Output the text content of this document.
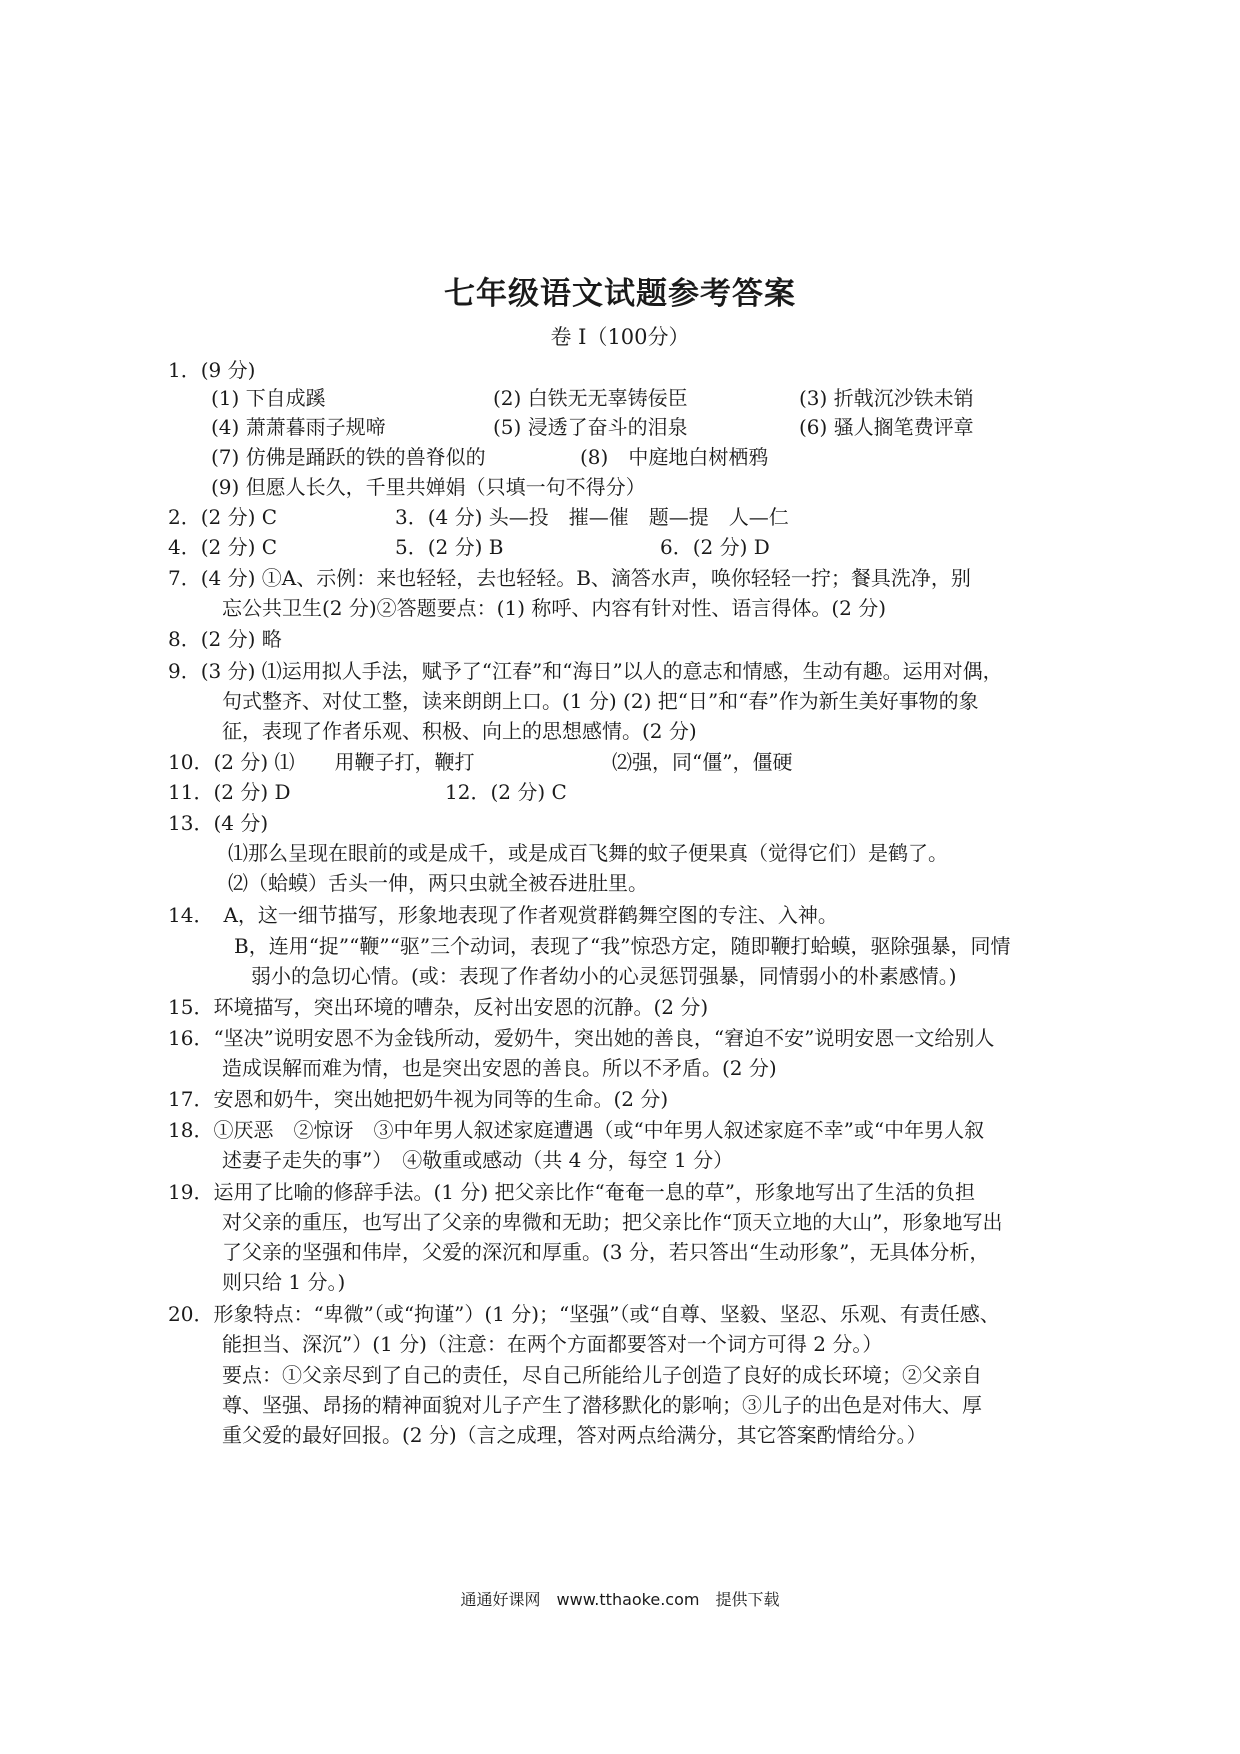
七年级语文试题参考答案
卷 Ⅰ（100分）
1．(9 分)
(1) 下自成蹊	(2) 白铁无无辜铸佞臣	(3) 折戟沉沙铁未销
(4) 萧萧暮雨子规啼	(5) 浸透了奋斗的泪泉	(6) 骚人搁笔费评章
(7) 仿佛是踊跃的铁的兽脊似的	(8)　中庭地白树栖鸦
(9) 但愿人长久，千里共婵娟（只填一句不得分）
2．(2 分) C	3．(4 分) 头—投　摧—催　题—提　人—仁
4．(2 分) C	5．(2 分) B	6．(2 分) D
7．(4 分) ①A、示例：来也轻轻，去也轻轻。B、滴答水声，唤你轻轻一拧；餐具洗净，别
忘公共卫生(2 分)②答题要点：(1) 称呼、内容有针对性、语言得体。(2 分)
8．(2 分) 略
9．(3 分) ⑴运用拟人手法，赋予了“江春”和“海日”以人的意志和情感，生动有趣。运用对偶，
句式整齐、对仗工整，读来朗朗上口。(1 分) (2) 把“日”和“春”作为新生美好事物的象
征，表现了作者乐观、积极、向上的思想感情。(2 分)
10．(2 分) ⑴　　用鞭子打，鞭打	⑵强，同“僵”，僵硬
11．(2 分) D	12．(2 分) C
13．(4 分)
⑴那么呈现在眼前的或是成千，或是成百飞舞的蚊子便果真（觉得它们）是鹤了。
⑵（蛤蟆）舌头一伸，两只虫就全被吞进肚里。
14．　A，这一细节描写，形象地表现了作者观赏群鹤舞空图的专注、入神。
B，连用“捉”“鞭”“驱”三个动词，表现了“我”惊恐方定，随即鞭打蛤蟆，驱除强暴，同情
弱小的急切心情。(或：表现了作者幼小的心灵惩罚强暴，同情弱小的朴素感情。)
15．环境描写，突出环境的嘈杂，反衬出安恩的沉静。(2 分)
16．“坚决”说明安恩不为金钱所动，爱奶牛，突出她的善良，“窘迫不安”说明安恩一文给别人
造成误解而难为情，也是突出安恩的善良。所以不矛盾。(2 分)
17．安恩和奶牛，突出她把奶牛视为同等的生命。(2 分)
18．①厌恶　②惊讶　③中年男人叙述家庭遭遇（或“中年男人叙述家庭不幸”或“中年男人叙
述妻子走失的事”）　④敬重或感动（共 4 分，每空 1 分）
19．运用了比喻的修辞手法。(1 分) 把父亲比作“奄奄一息的草”，形象地写出了生活的负担
对父亲的重压，也写出了父亲的卑微和无助；把父亲比作“顶天立地的大山”，形象地写出
了父亲的坚强和伟岸，父爱的深沉和厚重。(3 分，若只答出“生动形象”，无具体分析，
则只给 1 分。)
20．形象特点：“卑微”（或“拘谨”）(1 分)；“坚强”（或“自尊、坚毅、坚忍、乐观、有责任感、
能担当、深沉”）(1 分)（注意：在两个方面都要答对一个词方可得 2 分。）
要点：①父亲尽到了自己的责任，尽自己所能给儿子创造了良好的成长环境；②父亲自
尊、坚强、昂扬的精神面貌对儿子产生了潜移默化的影响；③儿子的出色是对伟大、厚
重父爱的最好回报。(2 分)（言之成理，答对两点给满分，其它答案酌情给分。）
通通好课网　www.tthaoke.com　提供下载
